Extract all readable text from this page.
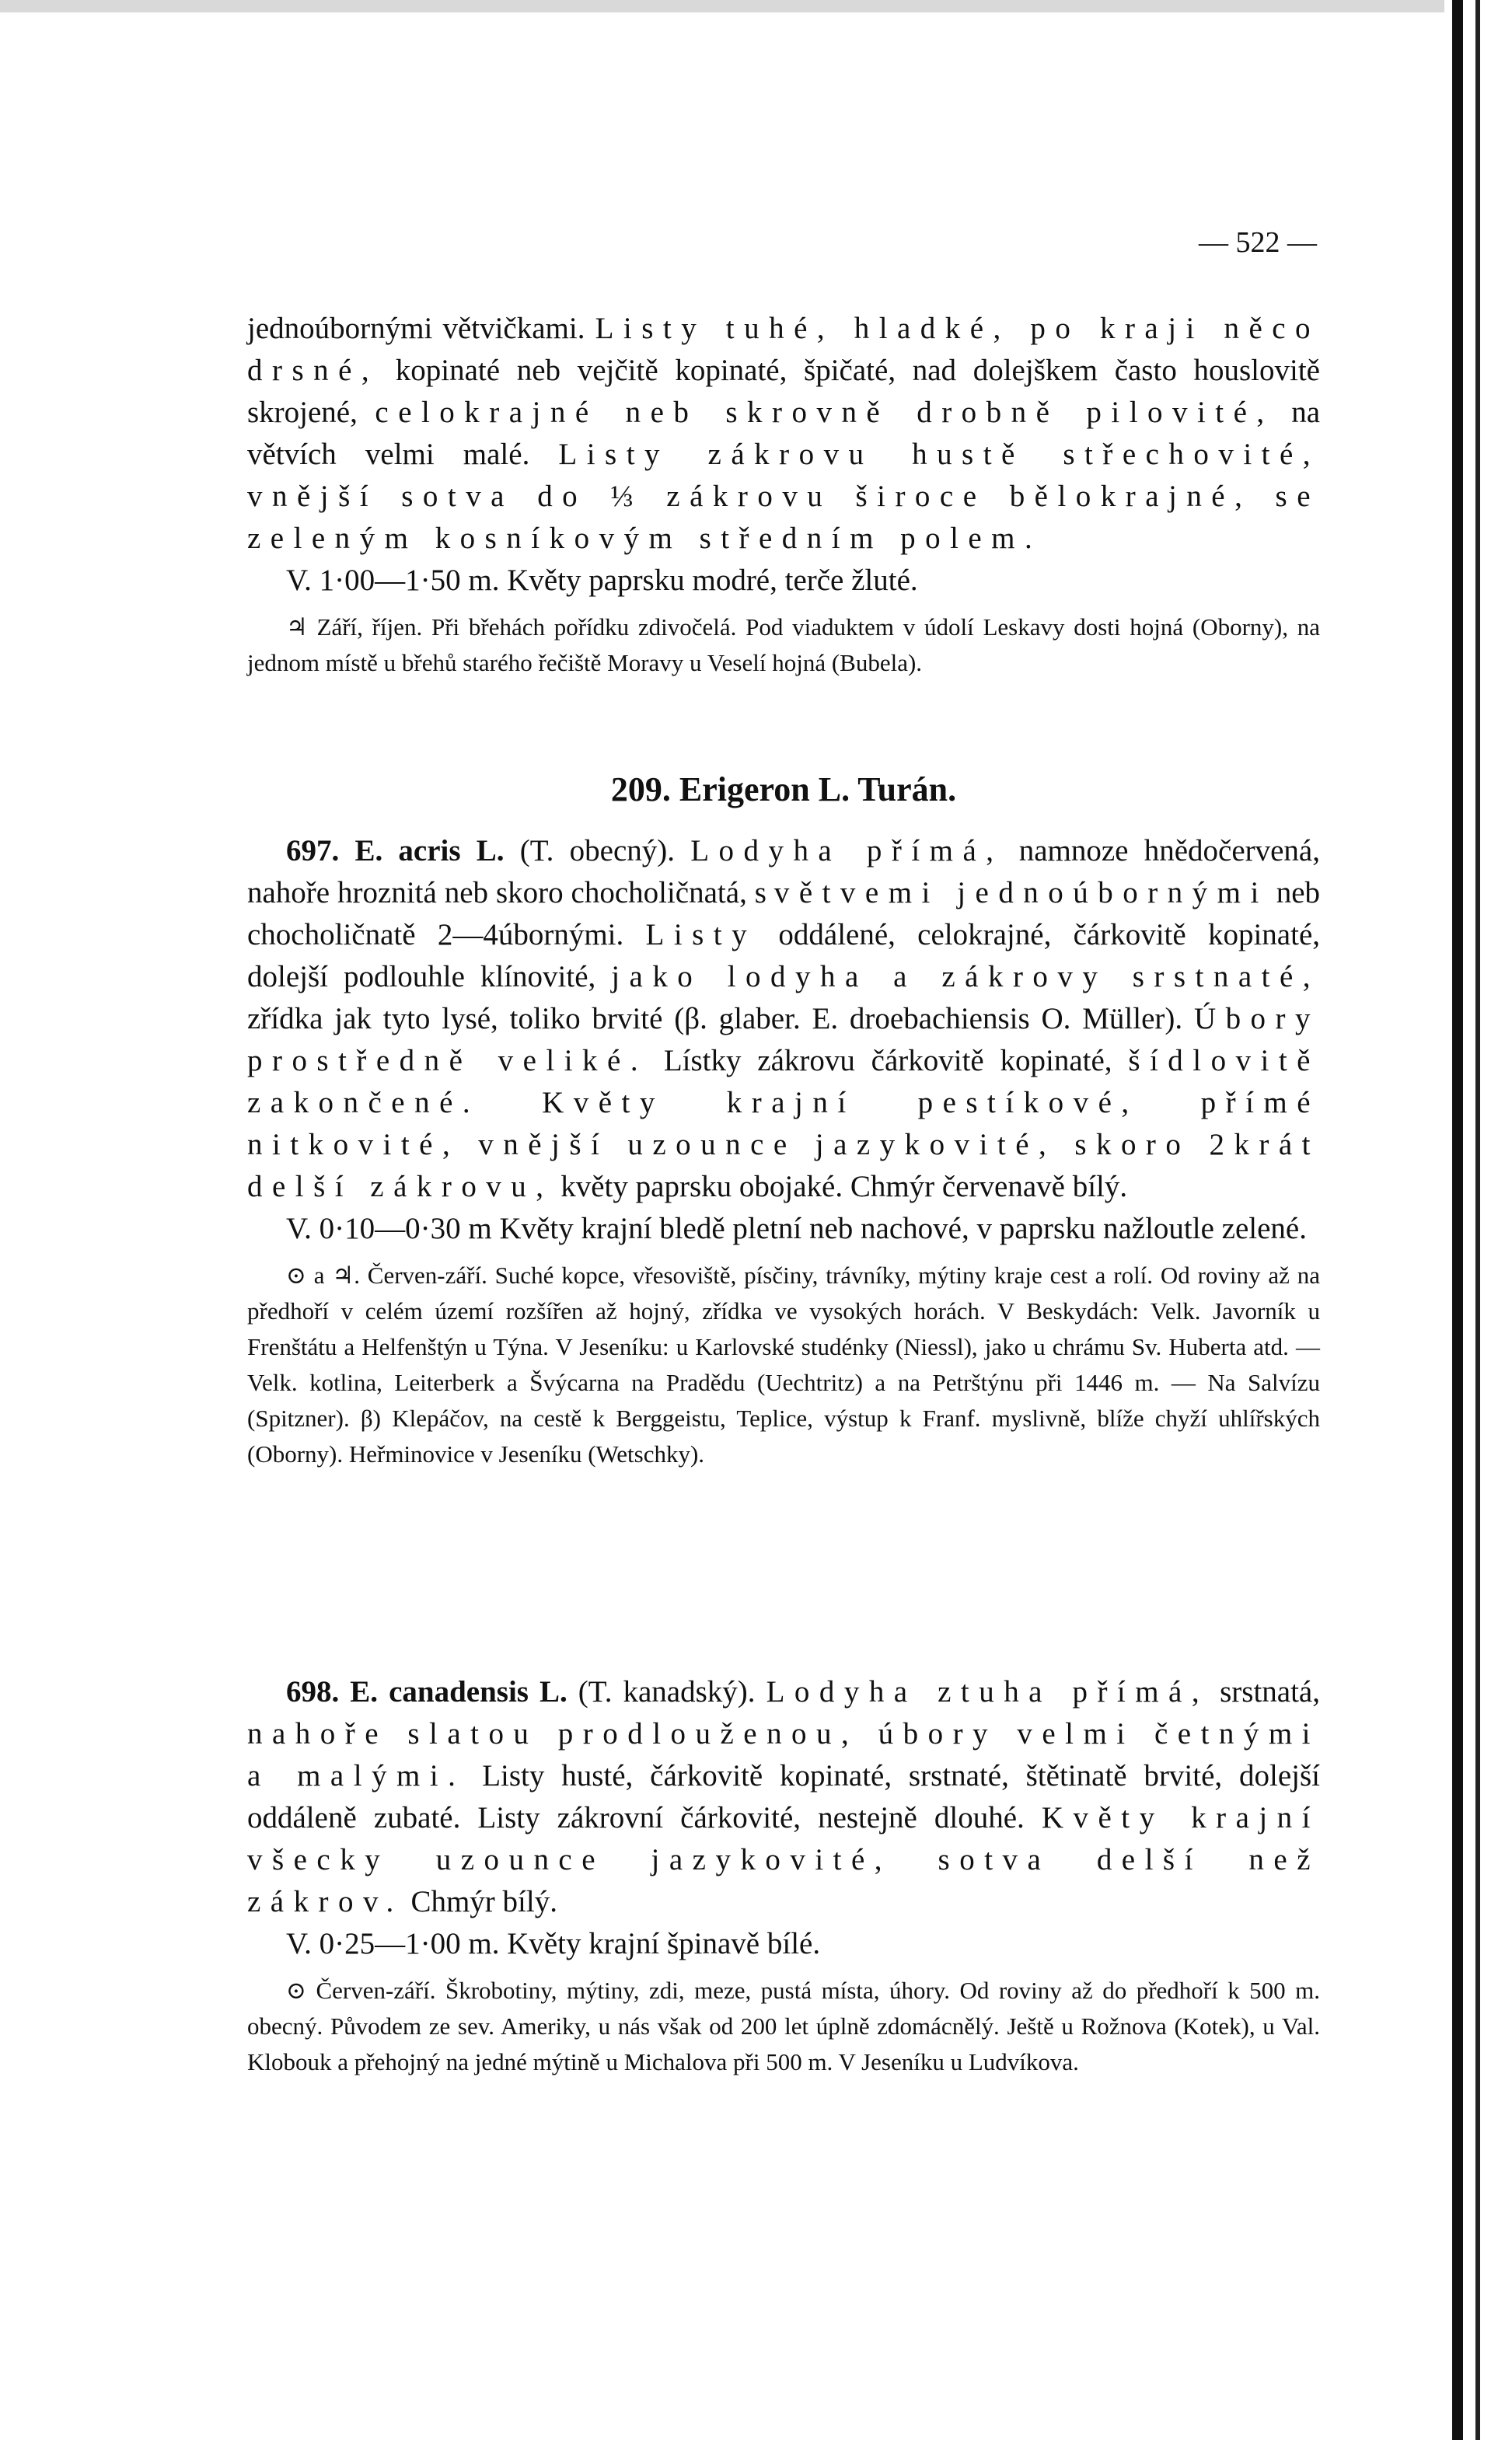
— 522 —

jednoúbornými větvičkami. Listy tuhé, hladké, po kraji něco drsné, kopinaté neb vejčitě kopinaté, špičaté, nad dolejškem často houslovitě skrojené, celokrajné neb skrovně drobně pilovité, na větvích velmi malé. Listy zákrovu hustě střechovité, vnější sotva do ⅓ zákrovu široce bělokrajné, se zeleným kosníkovým středním polem.

V. 1·00—1·50 m. Květy paprsku modré, terče žluté.

♃ Září, říjen. Při břehách pořídku zdivočelá. Pod viaduktem v údolí Leskavy dosti hojná (Oborny), na jednom místě u břehů starého řečiště Moravy u Veselí hojná (Bubela).

209. Erigeron L. Turán.

697. E. acris L. (T. obecný). Lodyha přímá, namnoze hnědočervená, nahoře hroznitá neb skoro chocholičnatá, s větvemi jednoúbornými neb chocholičnatě 2—4úbornými. Listy oddálené, celokrajné, čárkovitě kopinaté, dolejší podlouhle klínovité, jako lodyha a zákrovy srstnaté, zřídka jak tyto lysé, toliko brvité (β. glaber. E. droebachiensis O. Müller). Úbory prostředně veliké. Lístky zákrovu čárkovitě kopinaté, šídlovitě zakončené. Květy krajní pestíkové, přímé nitkovité, vnější uzounce jazykovité, skoro 2krát delší zákrovu, květy paprsku obojaké. Chmýr červenavě bílý.

V. 0·10—0·30 m Květy krajní bledě pletní neb nachové, v paprsku nažloutle zelené.

⊙ a ♃. Červen-září. Suché kopce, vřesoviště, písčiny, trávníky, mýtiny kraje cest a rolí. Od roviny až na předhoří v celém území rozšířen až hojný, zřídka ve vysokých horách. V Beskydách: Velk. Javorník u Frenštátu a Helfenštýn u Týna. V Jeseníku: u Karlovské studénky (Niessl), jako u chrámu Sv. Huberta atd. — Velk. kotlina, Leiterberk a Švýcarna na Pradědu (Uechtritz) a na Petrštýnu při 1446 m. — Na Salvízu (Spitzner). β) Klepáčov, na cestě k Berggeistu, Teplice, výstup k Franf. myslivně, blíže chyží uhlířských (Oborny). Heřminovice v Jeseníku (Wetschky).

698. E. canadensis L. (T. kanadský). Lodyha ztuha přímá, srstnatá, nahoře slatou prodlouženou, úbory velmi četnými a malými. Listy husté, čárkovitě kopinaté, srstnaté, štětinatě brvité, dolejší oddáleně zubaté. Listy zákrovní čárkovité, nestejně dlouhé. Květy krajní všecky uzounce jazykovité, sotva delší než zákrov. Chmýr bílý.

V. 0·25—1·00 m. Květy krajní špinavě bílé.

⊙ Červen-září. Škrobotiny, mýtiny, zdi, meze, pustá místa, úhory. Od roviny až do předhoří k 500 m. obecný. Původem ze sev. Ameriky, u nás však od 200 let úplně zdomácnělý. Ještě u Rožnova (Kotek), u Val. Klobouk a přehojný na jedné mýtině u Michalova při 500 m. V Jeseníku u Ludvíkova.
